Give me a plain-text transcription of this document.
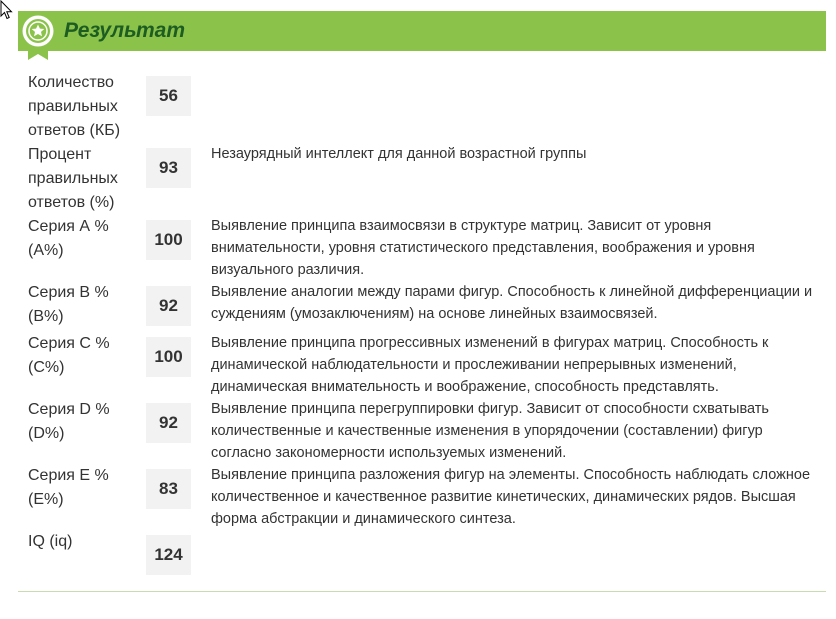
Результат
Количество правильных ответов (КБ)
56
Процент правильных ответов (%)
93
Незаурядный интеллект для данной возрастной группы
Серия А % (A%)
100
Выявление принципа взаимосвязи в структуре матриц. Зависит от уровня внимательности, уровня статистического представления, воображения и уровня визуального различия.
Серия В % (B%)
92
Выявление аналогии между парами фигур. Способность к линейной дифференциации и суждениям (умозаключениям) на основе линейных взаимосвязей.
Серия С % (C%)
100
Выявление принципа прогрессивных изменений в фигурах матриц. Способность к динамической наблюдательности и прослеживании непрерывных изменений, динамическая внимательность и воображение, способность представлять.
Серия D % (D%)
92
Выявление принципа перегруппировки фигур. Зависит от способности схватывать количественные и качественные изменения в упорядочении (составлении) фигур согласно закономерности используемых изменений.
Серия Е % (E%)
83
Выявление принципа разложения фигур на элементы. Способность наблюдать сложное количественное и качественное развитие кинетических, динамических рядов. Высшая форма абстракции и динамического синтеза.
IQ (iq)
124
